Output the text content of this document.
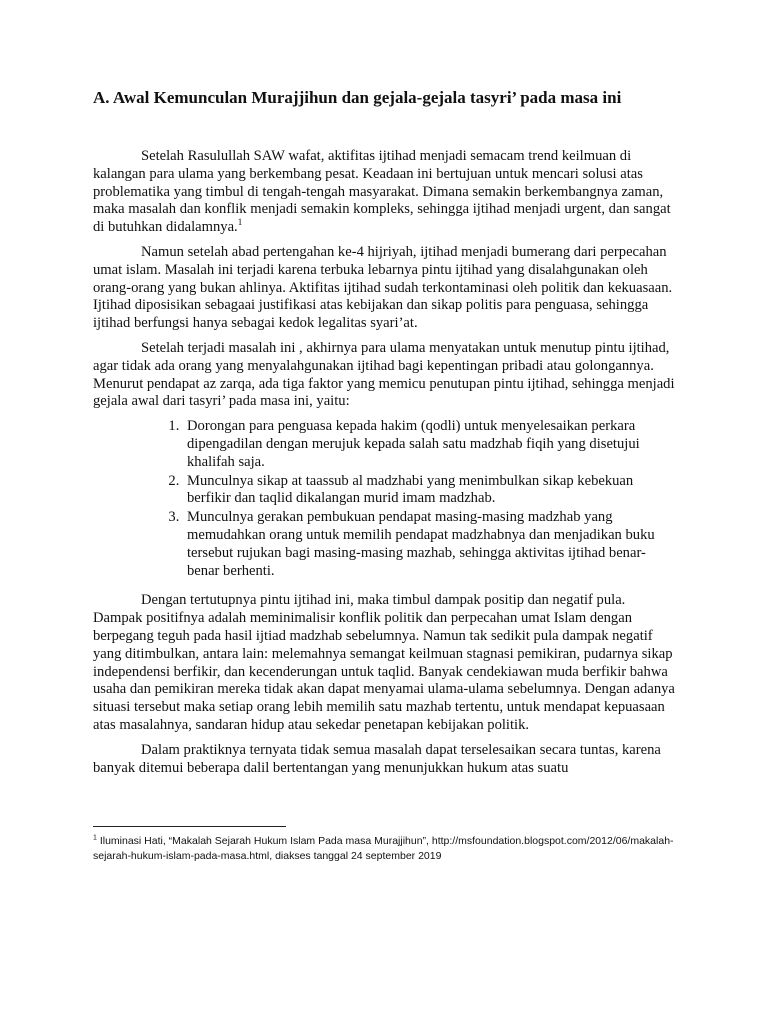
A. Awal Kemunculan Murajjihun dan gejala-gejala tasyri’ pada masa ini

Setelah Rasulullah SAW wafat, aktifitas ijtihad menjadi semacam trend keilmuan di kalangan para ulama yang berkembang pesat. Keadaan ini bertujuan untuk mencari solusi atas problematika yang timbul di tengah-tengah masyarakat. Dimana semakin berkembangnya zaman, maka masalah dan konflik menjadi semakin kompleks, sehingga ijtihad menjadi urgent, dan sangat di butuhkan didalamnya.$^1$

Namun setelah abad pertengahan ke-4 hijriyah, ijtihad menjadi bumerang dari perpecahan umat islam. Masalah ini terjadi karena terbuka lebarnya pintu ijtihad yang disalahgunakan oleh orang-orang yang bukan ahlinya. Aktifitas ijtihad sudah terkontaminasi oleh politik dan kekuasaan. Ijtihad diposisikan sebagaai justifikasi atas kebijakan dan sikap politis para penguasa, sehingga ijtihad berfungsi hanya sebagai kedok legalitas syari’at.

Setelah terjadi masalah ini , akhirnya para ulama menyatakan untuk menutup pintu ijtihad, agar tidak ada orang yang menyalahgunakan ijtihad bagi kepentingan pribadi atau golongannya. Menurut pendapat az zarqa, ada tiga faktor yang memicu penutupan pintu ijtihad, sehingga menjadi gejala awal dari tasyri’ pada masa ini, yaitu:

1. Dorongan para penguasa kepada hakim (qodli) untuk menyelesaikan perkara dipengadilan dengan merujuk kepada salah satu madzhab fiqih yang disetujui khalifah saja.
2. Munculnya sikap at taassub al madzhabi yang menimbulkan sikap kebekuan berfikir dan taqlid dikalangan murid imam madzhab.
3. Munculnya gerakan pembukuan pendapat masing-masing madzhab yang memudahkan orang untuk memilih pendapat madzhabnya dan menjadikan buku tersebut rujukan bagi masing-masing mazhab, sehingga aktivitas ijtihad benar-benar berhenti.

Dengan tertutupnya pintu ijtihad ini, maka timbul dampak positip dan negatif pula. Dampak positifnya adalah meminimalisir konflik politik dan perpecahan umat Islam dengan berpegang teguh pada hasil ijtiad madzhab sebelumnya. Namun tak sedikit pula dampak negatif yang ditimbulkan, antara lain: melemahnya semangat keilmuan stagnasi pemikiran, pudarnya sikap independensi berfikir, dan kecenderungan untuk taqlid. Banyak cendekiawan muda berfikir bahwa usaha dan pemikiran mereka tidak akan dapat menyamai ulama-ulama sebelumnya. Dengan adanya situasi tersebut maka setiap orang lebih memilih satu mazhab tertentu, untuk mendapat kepuasaan atas masalahnya, sandaran hidup atau sekedar penetapan kebijakan politik.

Dalam praktiknya ternyata tidak semua masalah dapat terselesaikan secara tuntas, karena banyak ditemui beberapa dalil bertentangan yang menunjukkan hukum atas suatu

$^1$ Iluminasi Hati, “Makalah Sejarah Hukum Islam Pada masa Murajjihun”, http://msfoundation.blogspot.com/2012/06/makalah-sejarah-hukum-islam-pada-masa.html, diakses tanggal 24 september 2019
